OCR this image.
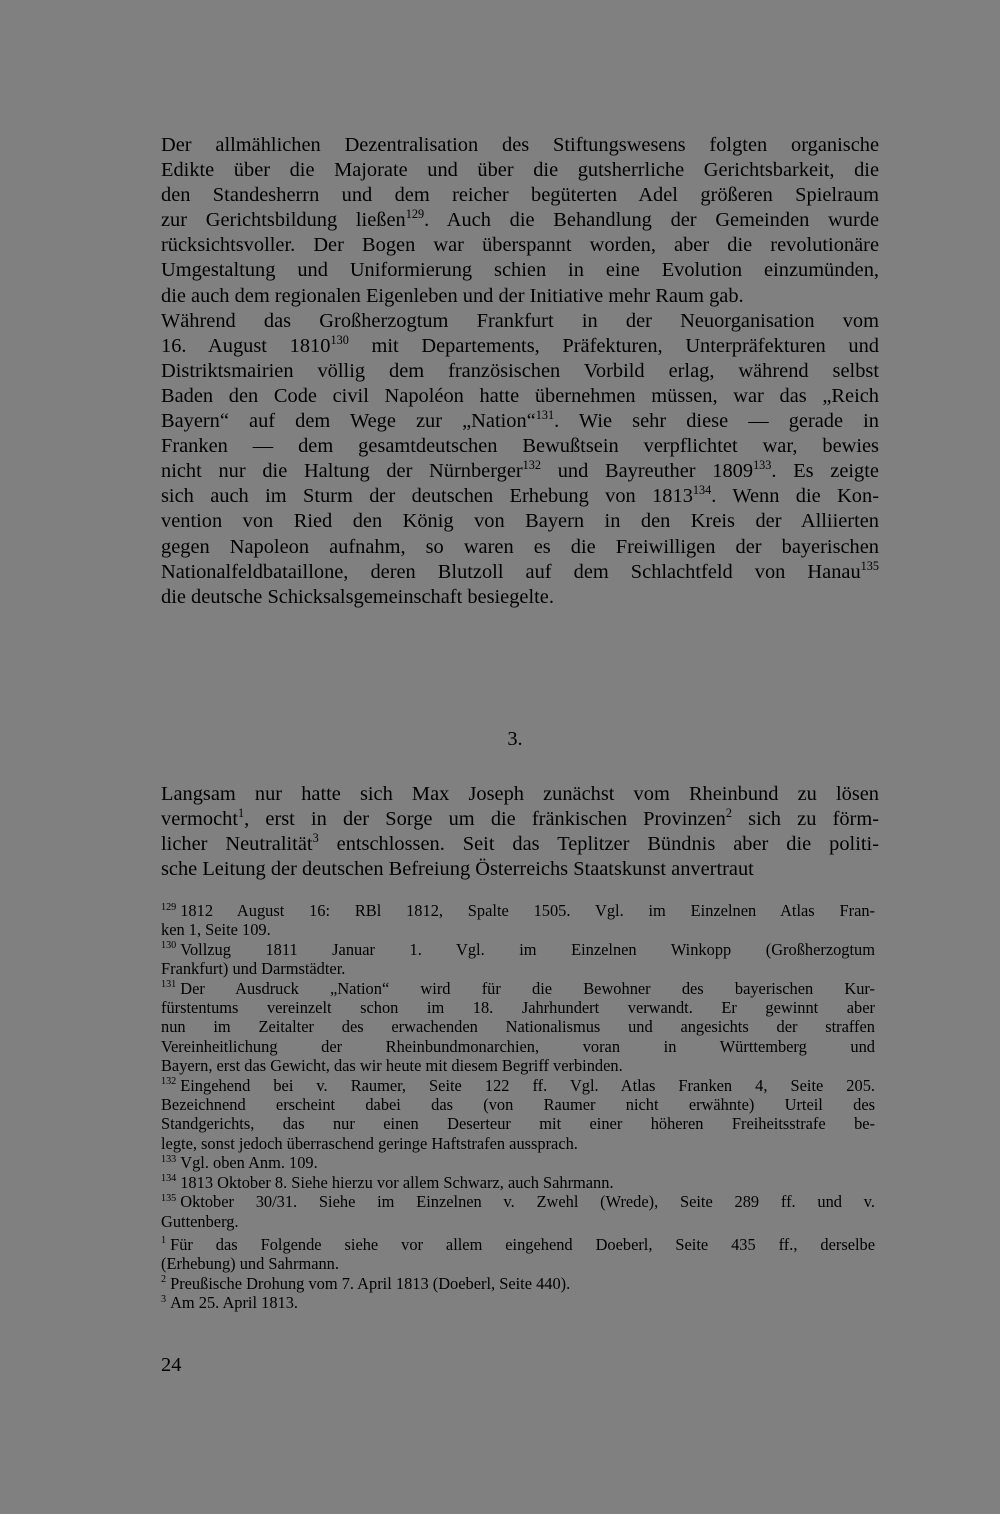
Der allmählichen Dezentralisation des Stiftungswesens folgten organische
Edikte über die Majorate und über die gutsherrliche Gerichtsbarkeit, die
den Standesherrn und dem reicher begüterten Adel größeren Spielraum
zur Gerichtsbildung ließen$^{129}$. Auch die Behandlung der Gemeinden wurde
rücksichtsvoller. Der Bogen war überspannt worden, aber die revolutionäre
Umgestaltung und Uniformierung schien in eine Evolution einzumünden,
die auch dem regionalen Eigenleben und der Initiative mehr Raum gab.
Während das Großherzogtum Frankfurt in der Neuorganisation vom
16. August 1810$^{130}$ mit Departements, Präfekturen, Unterpräfekturen und
Distriktsmairien völlig dem französischen Vorbild erlag, während selbst
Baden den Code civil Napoléon hatte übernehmen müssen, war das „Reich
Bayern“ auf dem Wege zur „Nation“$^{131}$. Wie sehr diese — gerade in
Franken — dem gesamtdeutschen Bewußtsein verpflichtet war, bewies
nicht nur die Haltung der Nürnberger$^{132}$ und Bayreuther 1809$^{133}$. Es zeigte
sich auch im Sturm der deutschen Erhebung von 1813$^{134}$. Wenn die Kon-
vention von Ried den König von Bayern in den Kreis der Alliierten
gegen Napoleon aufnahm, so waren es die Freiwilligen der bayerischen
Nationalfeldbataillone, deren Blutzoll auf dem Schlachtfeld von Hanau$^{135}$
die deutsche Schicksalsgemeinschaft besiegelte.
3.
Langsam nur hatte sich Max Joseph zunächst vom Rheinbund zu lösen
vermocht$^1$, erst in der Sorge um die fränkischen Provinzen$^2$ sich zu förm-
licher Neutralität$^3$ entschlossen. Seit das Teplitzer Bündnis aber die politi-
sche Leitung der deutschen Befreiung Österreichs Staatskunst anvertraut
$^{129}$ 1812 August 16: RBl 1812, Spalte 1505. Vgl. im Einzelnen Atlas Fran-
ken 1, Seite 109.
$^{130}$ Vollzug 1811 Januar 1. Vgl. im Einzelnen Winkopp (Großherzogtum
Frankfurt) und Darmstädter.
$^{131}$ Der Ausdruck „Nation“ wird für die Bewohner des bayerischen Kur-
fürstentums vereinzelt schon im 18. Jahrhundert verwandt. Er gewinnt aber
nun im Zeitalter des erwachenden Nationalismus und angesichts der straffen
Vereinheitlichung der Rheinbundmonarchien, voran in Württemberg und
Bayern, erst das Gewicht, das wir heute mit diesem Begriff verbinden.
$^{132}$ Eingehend bei v. Raumer, Seite 122 ff. Vgl. Atlas Franken 4, Seite 205.
Bezeichnend erscheint dabei das (von Raumer nicht erwähnte) Urteil des
Standgerichts, das nur einen Deserteur mit einer höheren Freiheitsstrafe be-
legte, sonst jedoch überraschend geringe Haftstrafen aussprach.
$^{133}$ Vgl. oben Anm. 109.
$^{134}$ 1813 Oktober 8. Siehe hierzu vor allem Schwarz, auch Sahrmann.
$^{135}$ Oktober 30/31. Siehe im Einzelnen v. Zwehl (Wrede), Seite 289 ff. und v.
Guttenberg.
$^1$ Für das Folgende siehe vor allem eingehend Doeberl, Seite 435 ff., derselbe
(Erhebung) und Sahrmann.
$^2$ Preußische Drohung vom 7. April 1813 (Doeberl, Seite 440).
$^3$ Am 25. April 1813.
24
